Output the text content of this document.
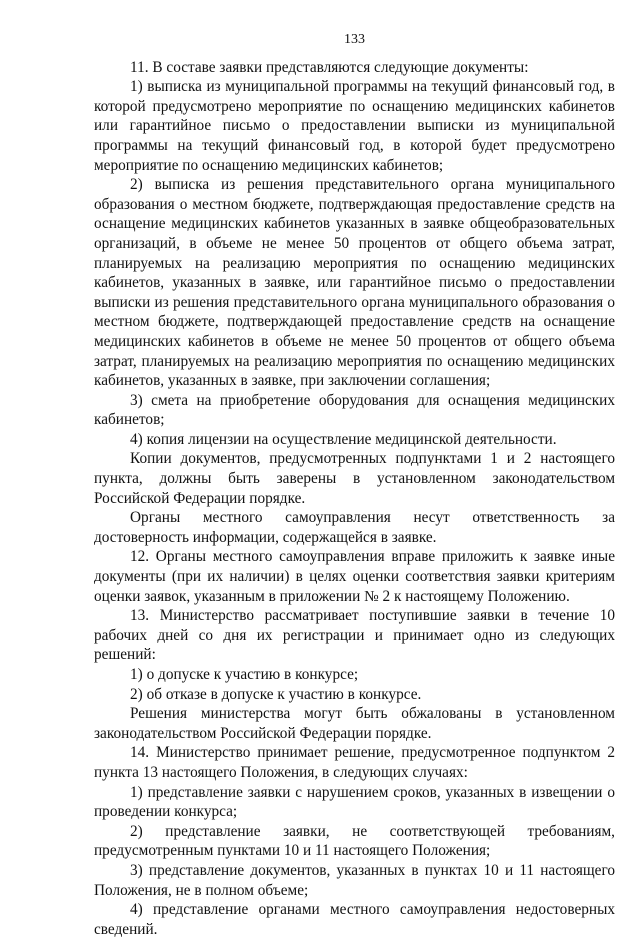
133

11. В составе заявки представляются следующие документы:

1) выписка из муниципальной программы на текущий финансовый год, в которой предусмотрено мероприятие по оснащению медицинских кабинетов или гарантийное письмо о предоставлении выписки из муниципальной программы на текущий финансовый год, в которой будет предусмотрено мероприятие по оснащению медицинских кабинетов;

2) выписка из решения представительного органа муниципального образования о местном бюджете, подтверждающая предоставление средств на оснащение медицинских кабинетов указанных в заявке общеобразовательных организаций, в объеме не менее 50 процентов от общего объема затрат, планируемых на реализацию мероприятия по оснащению медицинских кабинетов, указанных в заявке, или гарантийное письмо о предоставлении выписки из решения представительного органа муниципального образования о местном бюджете, подтверждающей предоставление средств на оснащение медицинских кабинетов в объеме не менее 50 процентов от общего объема затрат, планируемых на реализацию мероприятия по оснащению медицинских кабинетов, указанных в заявке, при заключении соглашения;

3) смета на приобретение оборудования для оснащения медицинских кабинетов;

4) копия лицензии на осуществление медицинской деятельности.

Копии документов, предусмотренных подпунктами 1 и 2 настоящего пункта, должны быть заверены в установленном законодательством Российской Федерации порядке.

Органы местного самоуправления несут ответственность за достоверность информации, содержащейся в заявке.

12. Органы местного самоуправления вправе приложить к заявке иные документы (при их наличии) в целях оценки соответствия заявки критериям оценки заявок, указанным в приложении № 2 к настоящему Положению.

13. Министерство рассматривает поступившие заявки в течение 10 рабочих дней со дня их регистрации и принимает одно из следующих решений:

1) о допуске к участию в конкурсе;

2) об отказе в допуске к участию в конкурсе.

Решения министерства могут быть обжалованы в установленном законодательством Российской Федерации порядке.

14. Министерство принимает решение, предусмотренное подпунктом 2 пункта 13 настоящего Положения, в следующих случаях:

1) представление заявки с нарушением сроков, указанных в извещении о проведении конкурса;

2) представление заявки, не соответствующей требованиям, предусмотренным пунктами 10 и 11 настоящего Положения;

3) представление документов, указанных в пунктах 10 и 11 настоящего Положения, не в полном объеме;

4) представление органами местного самоуправления недостоверных сведений.
